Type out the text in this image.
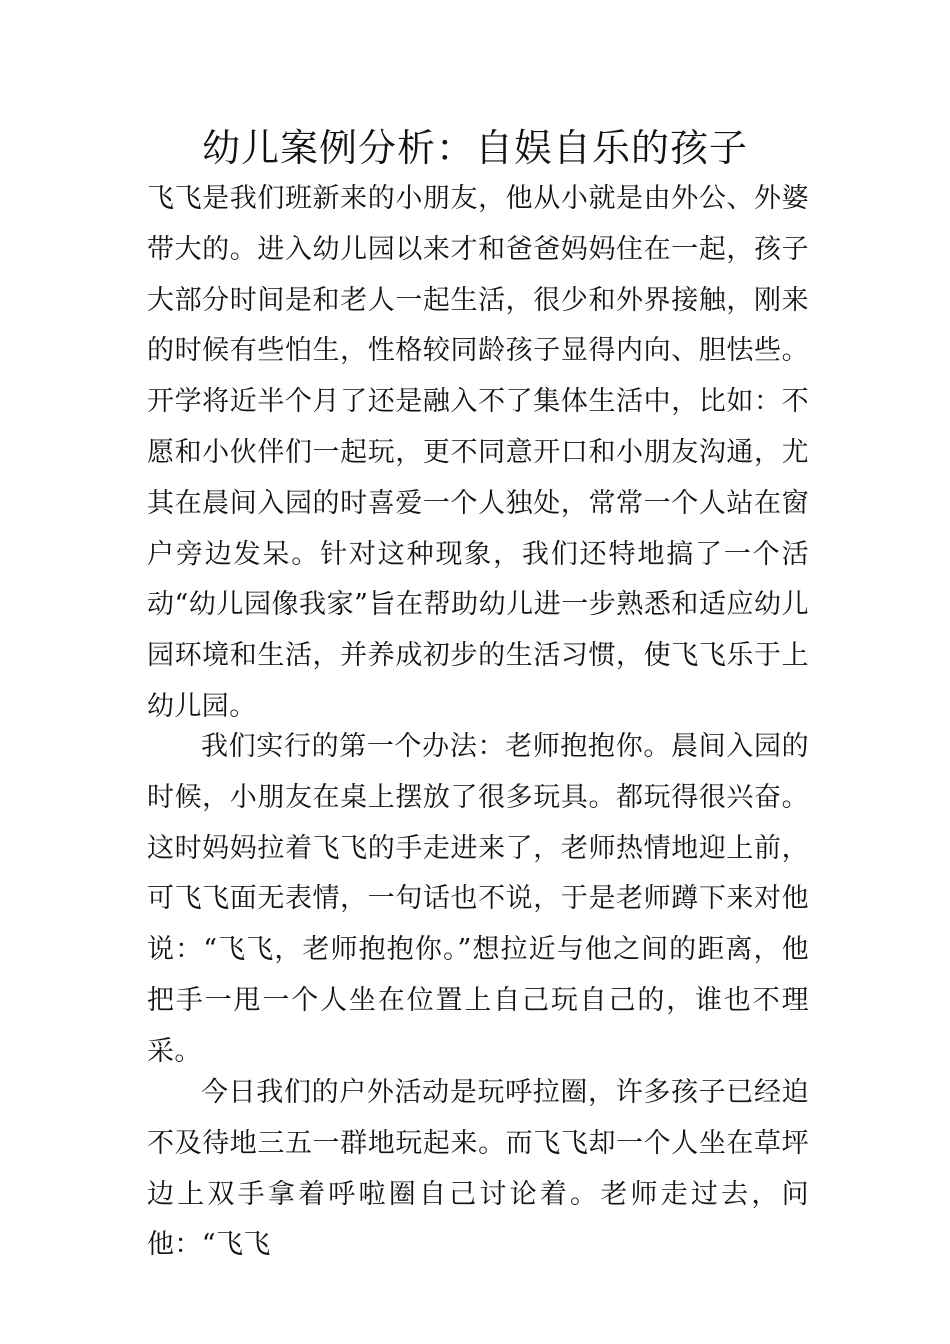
幼儿案例分析：自娱自乐的孩子

飞飞是我们班新来的小朋友，他从小就是由外公、外婆带大的。进入幼儿园以来才和爸爸妈妈住在一起，孩子大部分时间是和老人一起生活，很少和外界接触，刚来的时候有些怕生，性格较同龄孩子显得内向、胆怯些。开学将近半个月了还是融入不了集体生活中，比如：不愿和小伙伴们一起玩，更不同意开口和小朋友沟通，尤其在晨间入园的时喜爱一个人独处，常常一个人站在窗户旁边发呆。针对这种现象，我们还特地搞了一个活动“幼儿园像我家”旨在帮助幼儿进一步熟悉和适应幼儿园环境和生活，并养成初步的生活习惯，使飞飞乐于上幼儿园。

我们实行的第一个办法：老师抱抱你。晨间入园的时候，小朋友在桌上摆放了很多玩具。都玩得很兴奋。这时妈妈拉着飞飞的手走进来了，老师热情地迎上前，可飞飞面无表情，一句话也不说，于是老师蹲下来对他说：“飞飞，老师抱抱你。”想拉近与他之间的距离，他把手一甩一个人坐在位置上自己玩自己的，谁也不理采。

今日我们的户外活动是玩呼拉圈，许多孩子已经迫不及待地三五一群地玩起来。而飞飞却一个人坐在草坪边上双手拿着呼啦圈自己讨论着。老师走过去，问他：“飞飞
